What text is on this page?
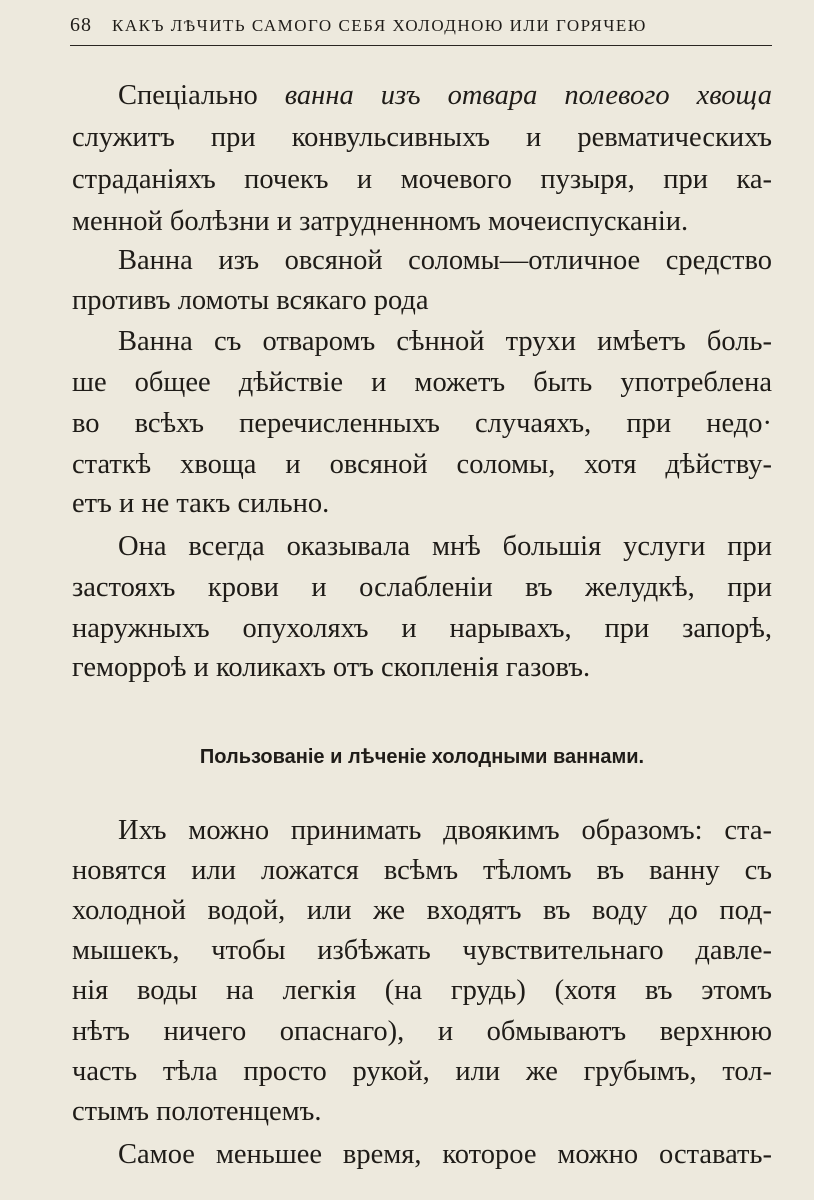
68 КАКЪ ЛѢЧИТЬ САМОГО СЕБЯ ХОЛОДНОЮ ИЛИ ГОРЯЧЕЮ
Спеціально ванна изъ отвара полевого хвоща
служитъ при конвульсивныхъ и ревматическихъ
страданіяхъ почекъ и мочевого пузыря, при ка-
менной болѣзни и затрудненномъ мочеиспусканіи.
Ванна изъ овсяной соломы—отличное средство
противъ ломоты всякаго рода
Ванна съ отваромъ сѣнной трухи имѣетъ боль-
ше общее дѣйствіе и можетъ быть употреблена
во всѣхъ перечисленныхъ случаяхъ, при недо·
статкѣ хвоща и овсяной соломы, хотя дѣйству-
етъ и не такъ сильно.
Она всегда оказывала мнѣ большія услуги при
застояхъ крови и ослабленіи въ желудкѣ, при
наружныхъ опухоляхъ и нарывахъ, при запорѣ,
геморроѣ и коликахъ отъ скопленія газовъ.
Пользованіе и лѣченіе холодными ваннами.
Ихъ можно принимать двоякимъ образомъ: ста-
новятся или ложатся всѣмъ тѣломъ въ ванну съ
холодной водой, или же входятъ въ воду до под-
мышекъ, чтобы избѣжать чувствительнаго давле-
нія воды на легкія (на грудь) (хотя въ этомъ
нѣтъ ничего опаснаго), и обмываютъ верхнюю
часть тѣла просто рукой, или же грубымъ, тол-
стымъ полотенцемъ.
Самое меньшее время, которое можно оставать-
